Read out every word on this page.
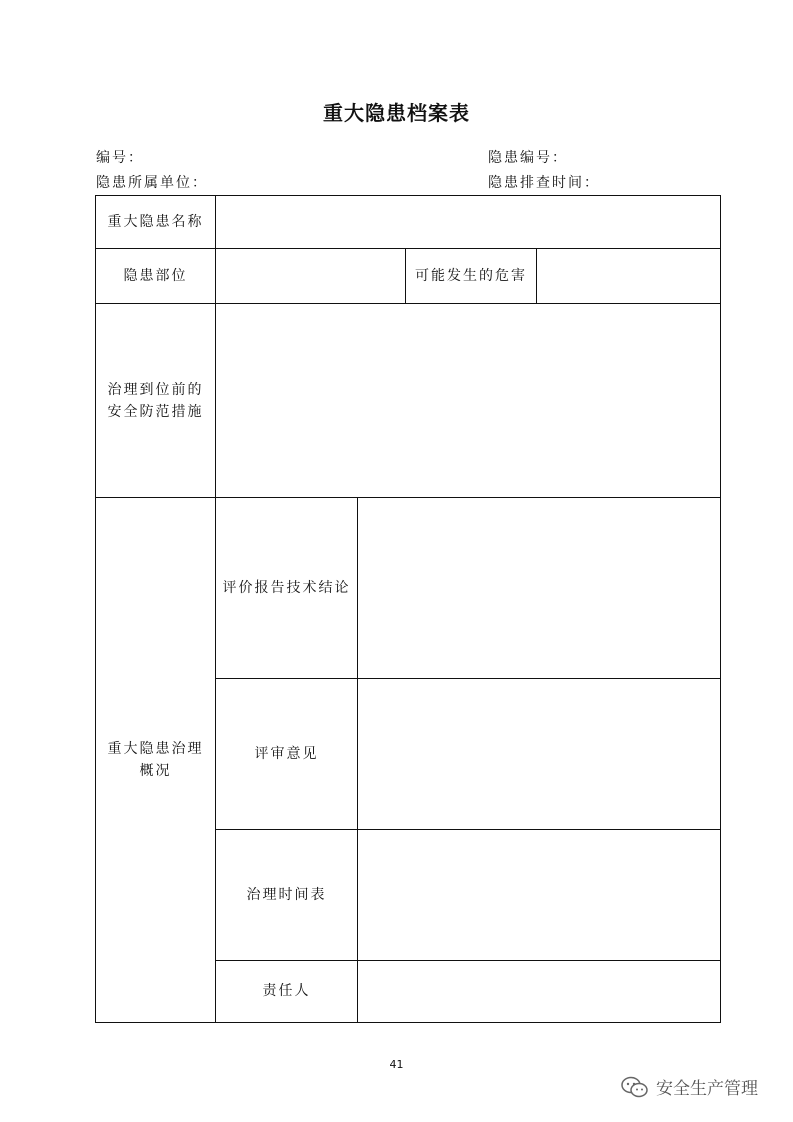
重大隐患档案表
编号：	隐患编号：
隐患所属单位：	隐患排查时间：
重大隐患名称				
隐患部位			可能发生的危害	
治理到位前的安全防范措施				
重大隐患治理概况	评价报告技术结论			
	评审意见			
	治理时间表			
	责任人			
41
安全生产管理
